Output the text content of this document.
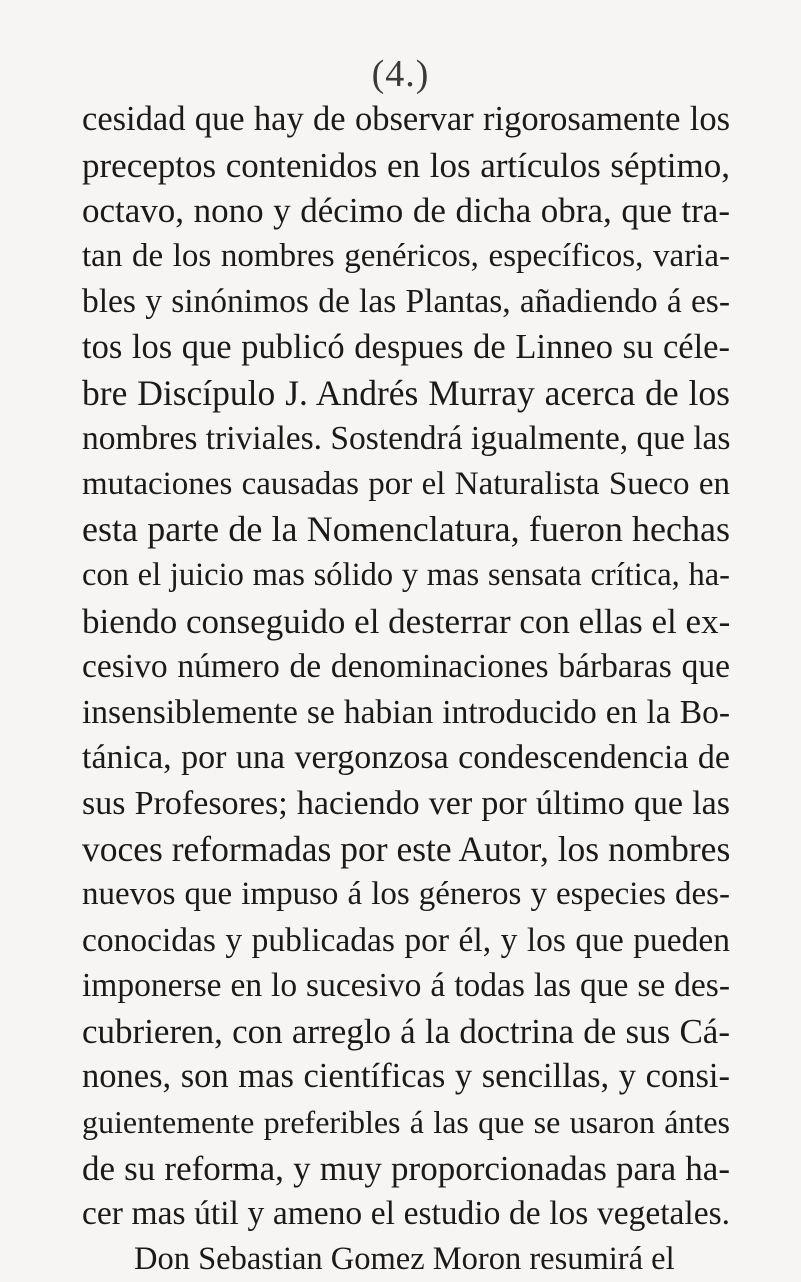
(4.)
cesidad que hay de observar rigorosamente los
preceptos contenidos en los artículos séptimo,
octavo, nono y décimo de dicha obra, que tra-
tan de los nombres genéricos, específicos, varia-
bles y sinónimos de las Plantas, añadiendo á es-
tos los que publicó despues de Linneo su céle-
bre Discípulo J. Andrés Murray acerca de los
nombres triviales. Sostendrá igualmente, que las
mutaciones causadas por el Naturalista Sueco en
esta parte de la Nomenclatura, fueron hechas
con el juicio mas sólido y mas sensata crítica, ha-
biendo conseguido el desterrar con ellas el ex-
cesivo número de denominaciones bárbaras que
insensiblemente se habian introducido en la Bo-
tánica, por una vergonzosa condescendencia de
sus Profesores; haciendo ver por último que las
voces reformadas por este Autor, los nombres
nuevos que impuso á los géneros y especies des-
conocidas y publicadas por él, y los que pueden
imponerse en lo sucesivo á todas las que se des-
cubrieren, con arreglo á la doctrina de sus Cá-
nones, son mas científicas y sencillas, y consi-
guientemente preferibles á las que se usaron ántes
de su reforma, y muy proporcionadas para ha-
cer mas útil y ameno el estudio de los vegetales.
Don Sebastian Gomez Moron resumirá el
